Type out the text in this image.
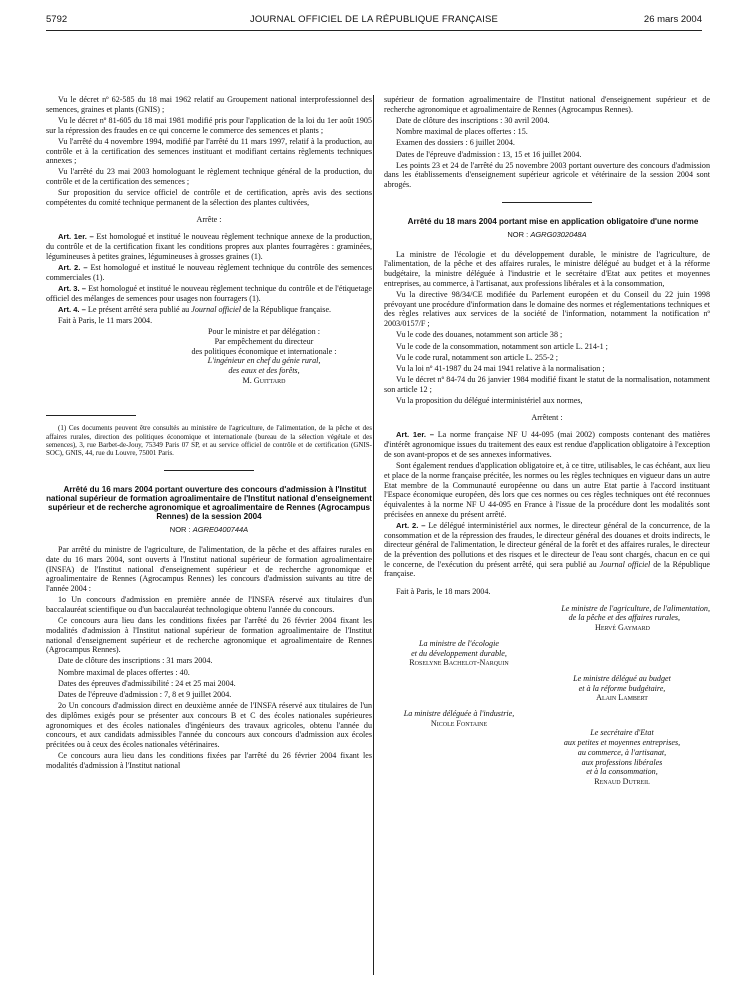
5792	JOURNAL OFFICIEL DE LA RÉPUBLIQUE FRANÇAISE	26 mars 2004

Vu le décret nº 62-585 du 18 mai 1962 relatif au Groupement national interprofessionnel des semences, graines et plants (GNIS) ;

Vu le décret nº 81-605 du 18 mai 1981 modifié pris pour l'application de la loi du 1er août 1905 sur la répression des fraudes en ce qui concerne le commerce des semences et plants ;

Vu l'arrêté du 4 novembre 1994, modifié par l'arrêté du 11 mars 1997, relatif à la production, au contrôle et à la certification des semences instituant et modifiant certains règlements techniques annexes ;

Vu l'arrêté du 23 mai 2003 homologuant le règlement technique général de la production, du contrôle et de la certification des semences ;

Sur proposition du service officiel de contrôle et de certification, après avis des sections compétentes du comité technique permanent de la sélection des plantes cultivées,

Arrête :

Art. 1er. – Est homologué et institué le nouveau règlement technique annexe de la production, du contrôle et de la certification fixant les conditions propres aux plantes fourragères : graminées, légumineuses à petites graines, légumineuses à grosses graines (1).

Art. 2. – Est homologué et institué le nouveau règlement technique du contrôle des semences commerciales (1).

Art. 3. – Est homologué et institué le nouveau règlement technique du contrôle et de l'étiquetage officiel des mélanges de semences pour usages non fourragers (1).

Art. 4. – Le présent arrêté sera publié au Journal officiel de la République française.

Fait à Paris, le 11 mars 2004.

Pour le ministre et par délégation :
Par empêchement du directeur
des politiques économique et internationale :
L'ingénieur en chef du génie rural,
des eaux et des forêts,
M. Guittard

(1) Ces documents peuvent être consultés au ministère de l'agriculture, de l'alimentation, de la pêche et des affaires rurales, direction des politiques économique et internationale (bureau de la sélection végétale et des semences), 3, rue Barbet-de-Jouy, 75349 Paris 07 SP, et au service officiel de contrôle et de certification (GNIS-SOC), GNIS, 44, rue du Louvre, 75001 Paris.

Arrêté du 16 mars 2004 portant ouverture des concours d'admission à l'Institut national supérieur de formation agroalimentaire de l'Institut national d'enseignement supérieur et de recherche agronomique et agroalimentaire de Rennes (Agrocampus Rennes) de la session 2004

NOR : AGRE0400744A

Par arrêté du ministre de l'agriculture, de l'alimentation, de la pêche et des affaires rurales en date du 16 mars 2004, sont ouverts à l'Institut national supérieur de formation agroalimentaire (INSFA) de l'Institut national d'enseignement supérieur et de recherche agronomique et agroalimentaire de Rennes (Agrocampus Rennes) les concours d'admission suivants au titre de l'année 2004 :

1o Un concours d'admission en première année de l'INSFA réservé aux titulaires d'un baccalauréat scientifique ou d'un baccalauréat technologique obtenu l'année du concours.

Ce concours aura lieu dans les conditions fixées par l'arrêté du 26 février 2004 fixant les modalités d'admission à l'Institut national supérieur de formation agroalimentaire de l'Institut national d'enseignement supérieur et de recherche agronomique et agroalimentaire de Rennes (Agrocampus Rennes).

Date de clôture des inscriptions : 31 mars 2004.

Nombre maximal de places offertes : 40.

Dates des épreuves d'admissibilité : 24 et 25 mai 2004.

Dates de l'épreuve d'admission : 7, 8 et 9 juillet 2004.

2o Un concours d'admission direct en deuxième année de l'INSFA réservé aux titulaires de l'un des diplômes exigés pour se présenter aux concours B et C des écoles nationales supérieures agronomiques et des écoles nationales d'ingénieurs des travaux agricoles, obtenu l'année du concours, et aux candidats admissibles l'année du concours aux concours d'admission aux écoles précitées ou à ceux des écoles nationales vétérinaires.

Ce concours aura lieu dans les conditions fixées par l'arrêté du 26 février 2004 fixant les modalités d'admission à l'Institut national

supérieur de formation agroalimentaire de l'Institut national d'enseignement supérieur et de recherche agronomique et agroalimentaire de Rennes (Agrocampus Rennes).

Date de clôture des inscriptions : 30 avril 2004.

Nombre maximal de places offertes : 15.

Examen des dossiers : 6 juillet 2004.

Dates de l'épreuve d'admission : 13, 15 et 16 juillet 2004.

Les points 23 et 24 de l'arrêté du 25 novembre 2003 portant ouverture des concours d'admission dans les établissements d'enseignement supérieur agricole et vétérinaire de la session 2004 sont abrogés.

Arrêté du 18 mars 2004 portant mise en application obligatoire d'une norme

NOR : AGRG0302048A

La ministre de l'écologie et du développement durable, le ministre de l'agriculture, de l'alimentation, de la pêche et des affaires rurales, le ministre délégué au budget et à la réforme budgétaire, la ministre déléguée à l'industrie et le secrétaire d'Etat aux petites et moyennes entreprises, au commerce, à l'artisanat, aux professions libérales et à la consommation,

Vu la directive 98/34/CE modifiée du Parlement européen et du Conseil du 22 juin 1998 prévoyant une procédure d'information dans le domaine des normes et réglementations techniques et des règles relatives aux services de la société de l'information, notamment la notification nº 2003/0157/F ;

Vu le code des douanes, notamment son article 38 ;

Vu le code de la consommation, notamment son article L. 214-1 ;

Vu le code rural, notamment son article L. 255-2 ;

Vu la loi nº 41-1987 du 24 mai 1941 relative à la normalisation ;

Vu le décret nº 84-74 du 26 janvier 1984 modifié fixant le statut de la normalisation, notamment son article 12 ;

Vu la proposition du délégué interministériel aux normes,

Arrêtent :

Art. 1er. – La norme française NF U 44-095 (mai 2002) composts contenant des matières d'intérêt agronomique issues du traitement des eaux est rendue d'application obligatoire à l'exception de son avant-propos et de ses annexes informatives.

Sont également rendues d'application obligatoire et, à ce titre, utilisables, le cas échéant, aux lieu et place de la norme française précitée, les normes ou les règles techniques en vigueur dans un autre Etat membre de la Communauté européenne ou dans un autre Etat partie à l'accord instituant l'Espace économique européen, dès lors que ces normes ou ces règles techniques ont été reconnues équivalentes à la norme NF U 44-095 en France à l'issue de la procédure dont les modalités sont précisées en annexe du présent arrêté.

Art. 2. – Le délégué interministériel aux normes, le directeur général de la concurrence, de la consommation et de la répression des fraudes, le directeur général des douanes et droits indirects, le directeur général de l'alimentation, le directeur général de la forêt et des affaires rurales, le directeur de la prévention des pollutions et des risques et le directeur de l'eau sont chargés, chacun en ce qui le concerne, de l'exécution du présent arrêté, qui sera publié au Journal officiel de la République française.

Fait à Paris, le 18 mars 2004.

Le ministre de l'agriculture, de l'alimentation,
de la pêche et des affaires rurales,
Hervé Gaymard
La ministre de l'écologie
et du développement durable,
Roselyne Bachelot-Narquin
Le ministre délégué au budget
et à la réforme budgétaire,
Alain Lambert
La ministre déléguée à l'industrie,
Nicole Fontaine
Le secrétaire d'Etat
aux petites et moyennes entreprises,
au commerce, à l'artisanat,
aux professions libérales
et à la consommation,
Renaud Dutreil
